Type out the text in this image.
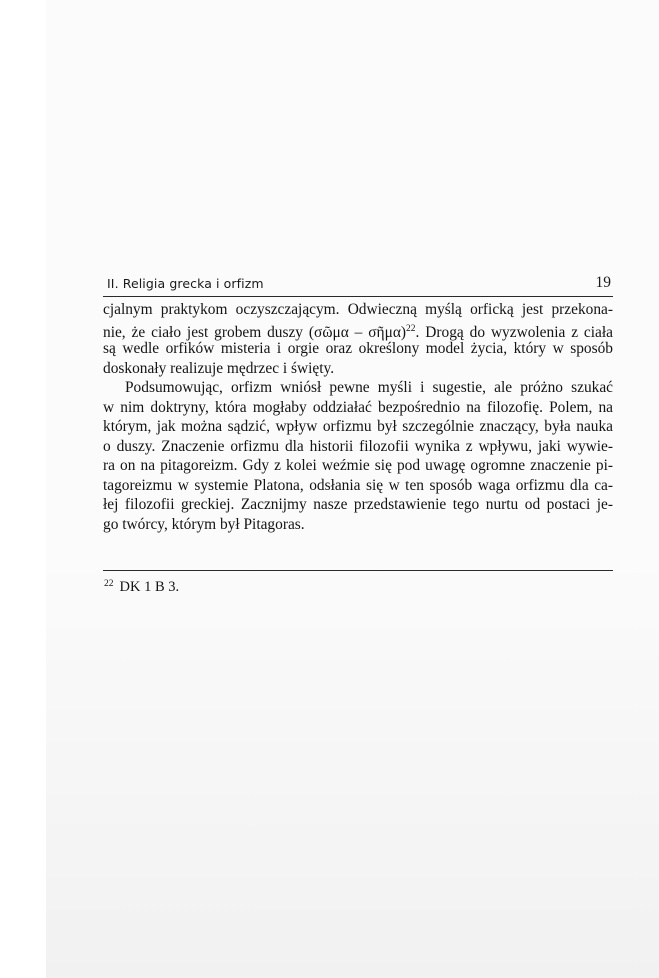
II. Religia grecka i orfizm	19
cjalnym praktykom oczyszczającym. Odwieczną myślą orficką jest przekona-
nie, że ciało jest grobem duszy (σῶμα – σῆμα)$^{22}$. Drogą do wyzwolenia z ciała
są wedle orfików misteria i orgie oraz określony model życia, który w sposób
doskonały realizuje mędrzec i święty.
Podsumowując, orfizm wniósł pewne myśli i sugestie, ale próżno szukać
w nim doktryny, która mogłaby oddziałać bezpośrednio na filozofię. Polem, na
którym, jak można sądzić, wpływ orfizmu był szczególnie znaczący, była nauka
o duszy. Znaczenie orfizmu dla historii filozofii wynika z wpływu, jaki wywie-
ra on na pitagoreizm. Gdy z kolei weźmie się pod uwagę ogromne znaczenie pi-
tagoreizmu w systemie Platona, odsłania się w ten sposób waga orfizmu dla ca-
łej filozofii greckiej. Zacznijmy nasze przedstawienie tego nurtu od postaci je-
go twórcy, którym był Pitagoras.
$^{22}$ DK 1 B 3.
